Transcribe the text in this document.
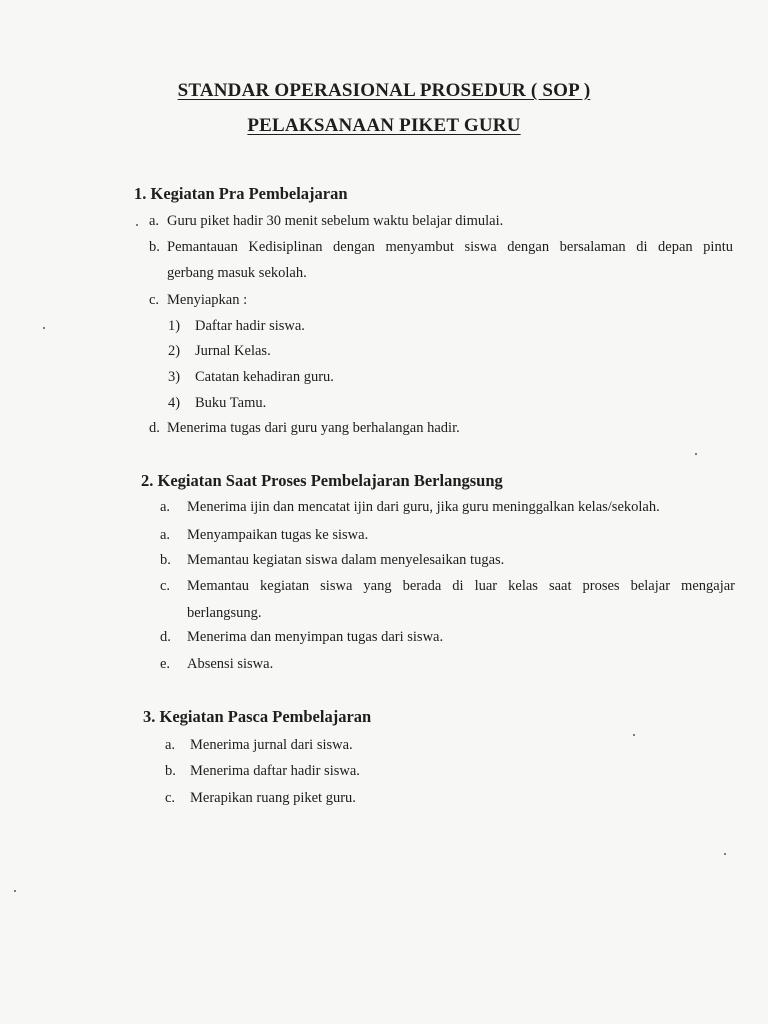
STANDAR OPERASIONAL PROSEDUR ( SOP )
PELAKSANAAN PIKET GURU
1. Kegiatan Pra Pembelajaran
a. Guru piket hadir 30 menit sebelum waktu belajar dimulai.
b. Pemantauan Kedisiplinan dengan menyambut siswa dengan bersalaman di depan pintu
gerbang masuk sekolah.
c. Menyiapkan :
1) Daftar hadir siswa.
2) Jurnal Kelas.
3) Catatan kehadiran guru.
4) Buku Tamu.
d. Menerima tugas dari guru yang berhalangan hadir.
2. Kegiatan Saat Proses Pembelajaran Berlangsung
a. Menerima ijin dan mencatat ijin dari guru, jika guru meninggalkan kelas/sekolah.
a. Menyampaikan tugas ke siswa.
b. Memantau kegiatan siswa dalam menyelesaikan tugas.
c. Memantau kegiatan siswa yang berada di luar kelas saat proses belajar mengajar
berlangsung.
d. Menerima dan menyimpan tugas dari siswa.
e. Absensi siswa.
3. Kegiatan Pasca Pembelajaran
a. Menerima jurnal dari siswa.
b. Menerima daftar hadir siswa.
c. Merapikan ruang piket guru.
